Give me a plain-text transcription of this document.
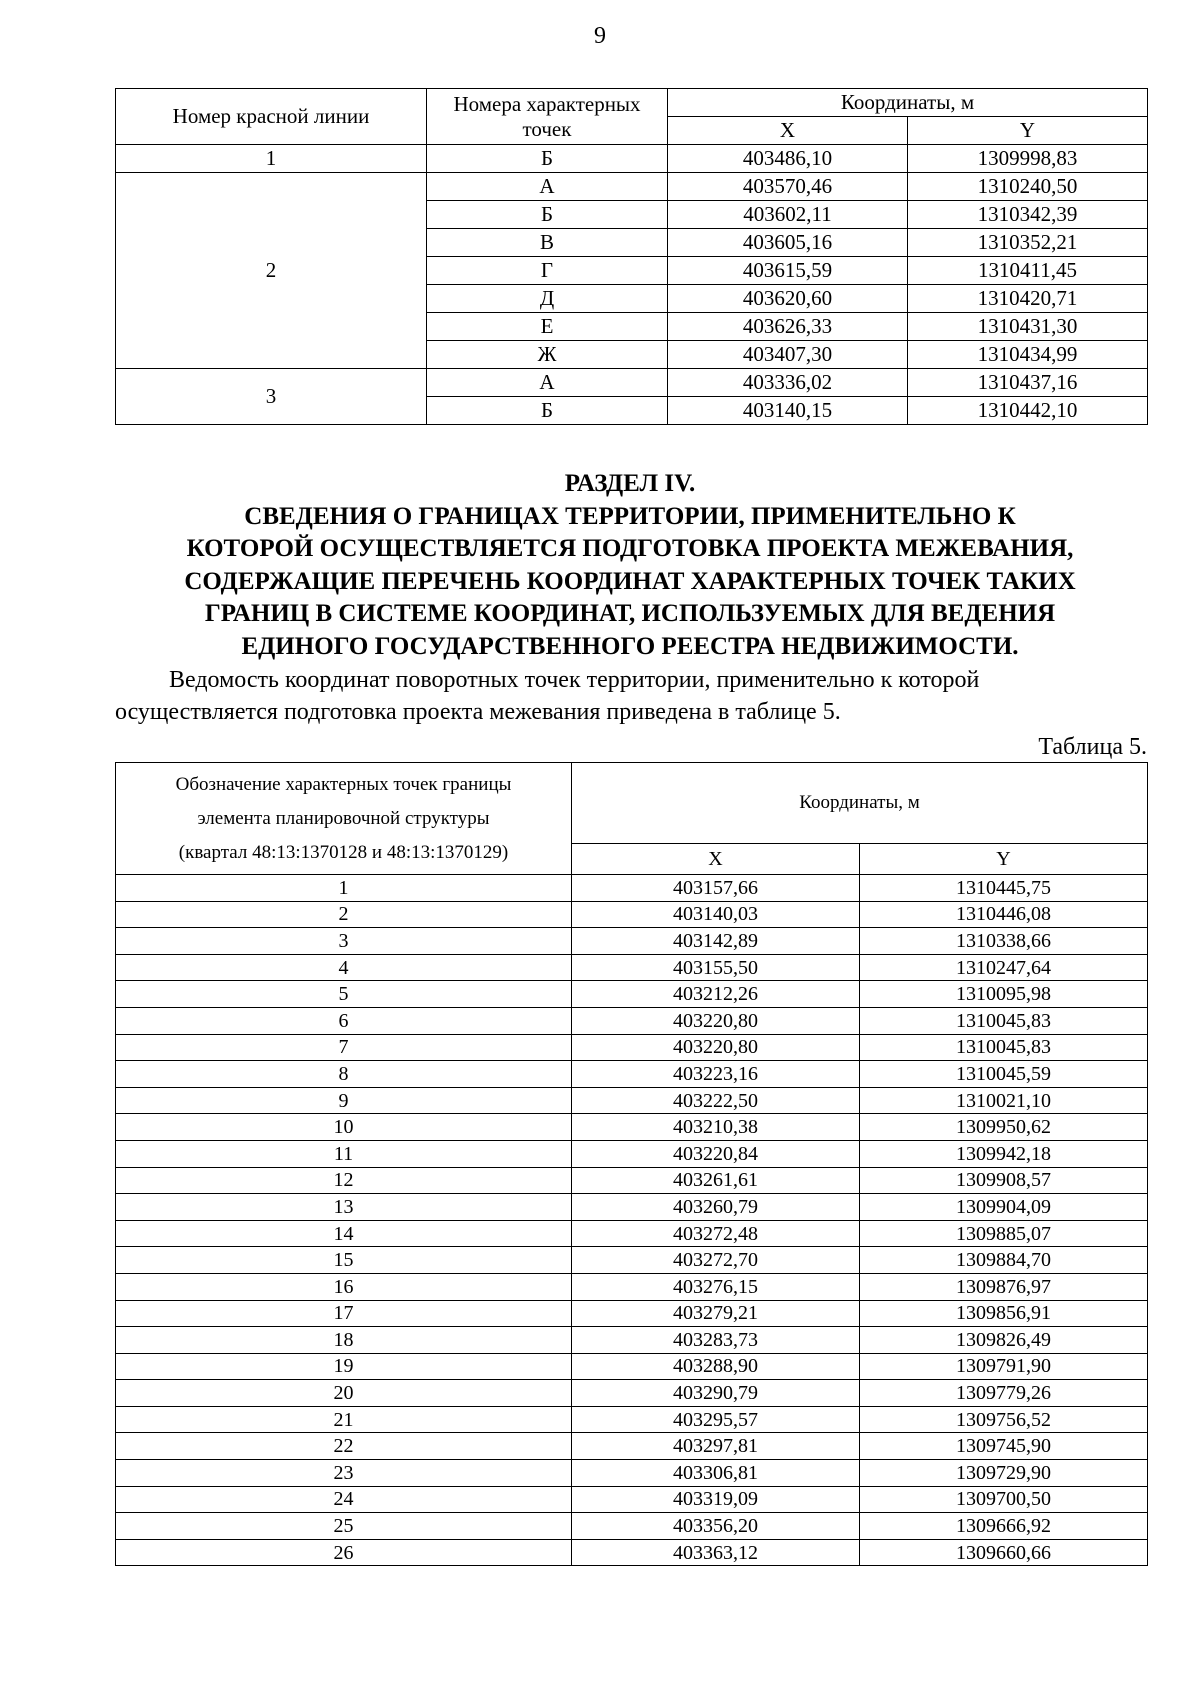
9
Номер красной линии	Номера характерных точек	Координаты, м	
		X	Y
1	Б	403486,10	1309998,83
2	А	403570,46	1310240,50
	Б	403602,11	1310342,39
	В	403605,16	1310352,21
	Г	403615,59	1310411,45
	Д	403620,60	1310420,71
	Е	403626,33	1310431,30
	Ж	403407,30	1310434,99
3	А	403336,02	1310437,16
	Б	403140,15	1310442,10
РАЗДЕЛ IV.
СВЕДЕНИЯ О ГРАНИЦАХ ТЕРРИТОРИИ, ПРИМЕНИТЕЛЬНО К
КОТОРОЙ ОСУЩЕСТВЛЯЕТСЯ ПОДГОТОВКА ПРОЕКТА МЕЖЕВАНИЯ,
СОДЕРЖАЩИЕ ПЕРЕЧЕНЬ КООРДИНАТ ХАРАКТЕРНЫХ ТОЧЕК ТАКИХ
ГРАНИЦ В СИСТЕМЕ КООРДИНАТ, ИСПОЛЬЗУЕМЫХ ДЛЯ ВЕДЕНИЯ
ЕДИНОГО ГОСУДАРСТВЕННОГО РЕЕСТРА НЕДВИЖИМОСТИ.
Ведомость координат поворотных точек территории, применительно к которой
осуществляется подготовка проекта межевания приведена в таблице 5.
Таблица 5.
Обозначение характерных точек границы
элемента планировочной структуры
(квартал 48:13:1370128 и 48:13:1370129)	Координаты, м	
	X	Y
1	403157,66	1310445,75
2	403140,03	1310446,08
3	403142,89	1310338,66
4	403155,50	1310247,64
5	403212,26	1310095,98
6	403220,80	1310045,83
7	403220,80	1310045,83
8	403223,16	1310045,59
9	403222,50	1310021,10
10	403210,38	1309950,62
11	403220,84	1309942,18
12	403261,61	1309908,57
13	403260,79	1309904,09
14	403272,48	1309885,07
15	403272,70	1309884,70
16	403276,15	1309876,97
17	403279,21	1309856,91
18	403283,73	1309826,49
19	403288,90	1309791,90
20	403290,79	1309779,26
21	403295,57	1309756,52
22	403297,81	1309745,90
23	403306,81	1309729,90
24	403319,09	1309700,50
25	403356,20	1309666,92
26	403363,12	1309660,66
